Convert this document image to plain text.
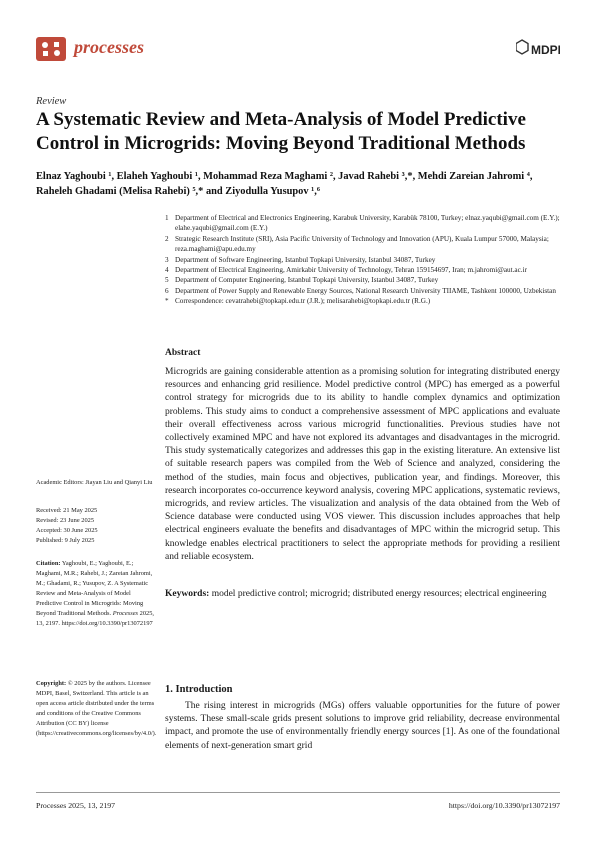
processes	MDPI
Review
A Systematic Review and Meta-Analysis of Model Predictive Control in Microgrids: Moving Beyond Traditional Methods
Elnaz Yaghoubi ¹, Elaheh Yaghoubi ¹, Mohammad Reza Maghami ², Javad Rahebi ³,*, Mehdi Zareian Jahromi ⁴,
Raheleh Ghadami (Melisa Rahebi) ⁵,* and Ziyodulla Yusupov ¹,⁶
1 Department of Electrical and Electronics Engineering, Karabuk University, Karabük 78100, Turkey; elnaz.yaqubi@gmail.com (E.Y.); elahe.yaqubi@gmail.com (E.Y.)
2 Strategic Research Institute (SRI), Asia Pacific University of Technology and Innovation (APU), Kuala Lumpur 57000, Malaysia; reza.maghami@apu.edu.my
3 Department of Software Engineering, Istanbul Topkapi University, Istanbul 34087, Turkey
4 Department of Electrical Engineering, Amirkabir University of Technology, Tehran 159154697, Iran; m.jahromi@aut.ac.ir
5 Department of Computer Engineering, Istanbul Topkapi University, Istanbul 34087, Turkey
6 Department of Power Supply and Renewable Energy Sources, National Research University TIIAME, Tashkent 100000, Uzbekistan
* Correspondence: cevatrahebi@topkapi.edu.tr (J.R.); melisarahebi@topkapi.edu.tr (R.G.)
Abstract
Microgrids are gaining considerable attention as a promising solution for integrating distributed energy resources and enhancing grid resilience. Model predictive control (MPC) has emerged as a powerful control strategy for microgrids due to its ability to handle complex dynamics and optimization problems. This study aims to conduct a comprehensive assessment of MPC applications and evaluate their overall effectiveness across various microgrid functionalities. Previous studies have not collectively examined MPC and have not explored its advantages and disadvantages in the microgrid. This study systematically categorizes and addresses this gap in the existing literature. An extensive list of suitable research papers was compiled from the Web of Science and analyzed, considering the method of the studies, main focus and objectives, publication year, and findings. Moreover, this research incorporates co-occurrence keyword analysis, covering MPC applications, systematic reviews, microgrids, and review articles. The visualization and analysis of the data obtained from the Web of Science database were conducted using VOS viewer. This discussion includes approaches that help electrical engineers evaluate the benefits and disadvantages of MPC within the microgrid setup. This knowledge enables electrical practitioners to select the appropriate methods for providing a resilient and reliable ecosystem.
Keywords: model predictive control; microgrid; distributed energy resources; electrical engineering
Academic Editors: Jiayan Liu and Qianyi Liu
Received: 21 May 2025
Revised: 23 June 2025
Accepted: 30 June 2025
Published: 9 July 2025
Citation: Yaghoubi, E.; Yaghoubi, E.; Maghami, M.R.; Rahebi, J.; Zareian Jahromi, M.; Ghadami, R.; Yusupov, Z. A Systematic Review and Meta-Analysis of Model Predictive Control in Microgrids: Moving Beyond Traditional Methods. Processes 2025, 13, 2197. https://doi.org/10.3390/pr13072197
Copyright: © 2025 by the authors. Licensee MDPI, Basel, Switzerland. This article is an open access article distributed under the terms and conditions of the Creative Commons Attribution (CC BY) license (https://creativecommons.org/licenses/by/4.0/).
1. Introduction

The rising interest in microgrids (MGs) offers valuable opportunities for the future of power systems. These small-scale grids present solutions to improve grid reliability, decrease environmental impact, and promote the use of environmentally friendly energy sources [1]. As one of the foundational elements of next-generation smart grid

Processes 2025, 13, 2197	https://doi.org/10.3390/pr13072197
